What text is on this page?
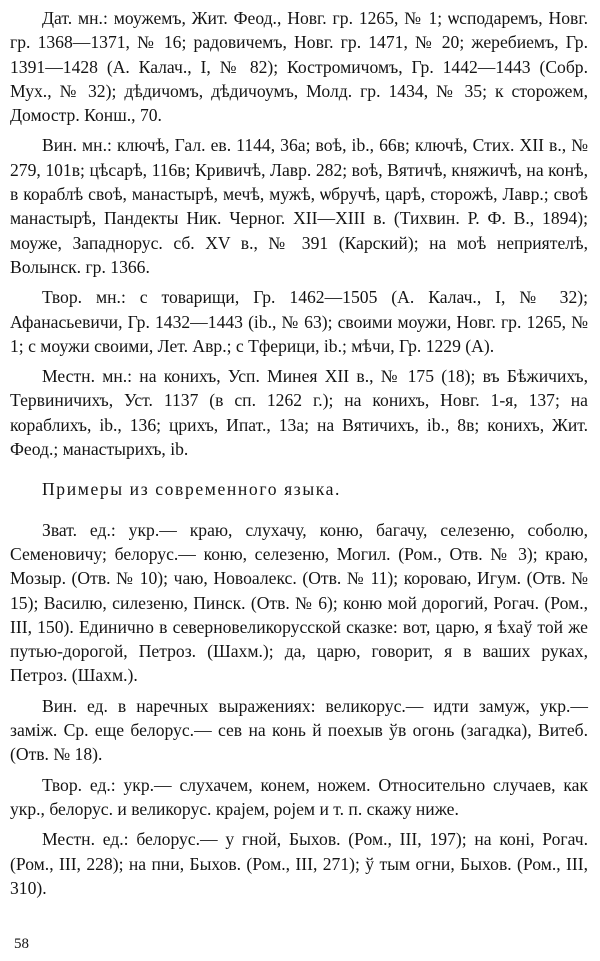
Дат. мн.: моужемъ, Жит. Феод., Новг. гр. 1265, № 1; ѡсподаремъ, Новг. гр. 1368—1371, № 16; радовичемъ, Новг. гр. 1471, № 20; жеребиемъ, Гр. 1391—1428 (А. Калач., I, № 82); Костромичомъ, Гр. 1442—1443 (Собр. Мух., № 32); дѣдичомъ, дѣдичоумъ, Молд. гр. 1434, № 35; к сторожем, Домостр. Конш., 70.

Вин. мн.: ключѣ, Гал. ев. 1144, 36а; воѣ, ib., 66в; ключѣ, Стих. XII в., № 279, 101в; цѣсарѣ, 116в; Кривичѣ, Лавр. 282; воѣ, Вятичѣ, княжичѣ, на конѣ, в кораблѣ своѣ, манастырѣ, мечѣ, мужѣ, ѡбручѣ, царѣ, сторожѣ, Лавр.; своѣ манастырѣ, Пандекты Ник. Черног. XII—XIII в. (Тихвин. Р. Ф. В., 1894); моуже, Западнорус. сб. XV в., № 391 (Карский); на моѣ неприятелѣ, Волынск. гр. 1366.

Твор. мн.: с товарищи, Гр. 1462—1505 (А. Калач., I, № 32); Афанасьевичи, Гр. 1432—1443 (ib., № 63); своими моужи, Новг. гр. 1265, № 1; с моужи своими, Лет. Авр.; с Тферици, ib.; мѣчи, Гр. 1229 (А).

Местн. мн.: на конихъ, Усп. Минея XII в., № 175 (18); въ Бѣжичихъ, Тервиничихъ, Уст. 1137 (в сп. 1262 г.); на конихъ, Новг. 1-я, 137; на кораблихъ, ib., 136; црихъ, Ипат., 13а; на Вятичихъ, ib., 8в; конихъ, Жит. Феод.; манастырихъ, ib.

Примеры из современного языка.

Зват. ед.: укр.— краю, слухачу, коню, багачу, селезеню, соболю, Семеновичу; белорус.— коню, селезеню, Могил. (Ром., Отв. № 3); краю, Мозыр. (Отв. № 10); чаю, Новоалекс. (Отв. № 11); коровaю, Игум. (Отв. № 15); Василю, силезеню, Пинск. (Отв. № 6); коню мой дорогий, Рогач. (Ром., III, 150). Единично в северновеликорусской сказке: вот, царю, я ѣхаў той же путью-дорогой, Петроз. (Шахм.); да, царю, говорит, я в ваших руках, Петроз. (Шахм.).

Вин. ед. в наречных выражениях: великорус.— идти замуж, укр.— заміж. Ср. еще белорус.— сев на конь й поехыв ўв огонь (загадка), Витеб. (Отв. № 18).

Твор. ед.: укр.— слухачем, конем, ножем. Относительно случаев, как укр., белорус. и великорус. краjем, роjем и т. п. скажу ниже.

Местн. ед.: белорус.— у гной, Быхов. (Ром., III, 197); на коні, Рогач. (Ром., III, 228); на пни, Быхов. (Ром., III, 271); ў тым огни, Быхов. (Ром., III, 310).

58
